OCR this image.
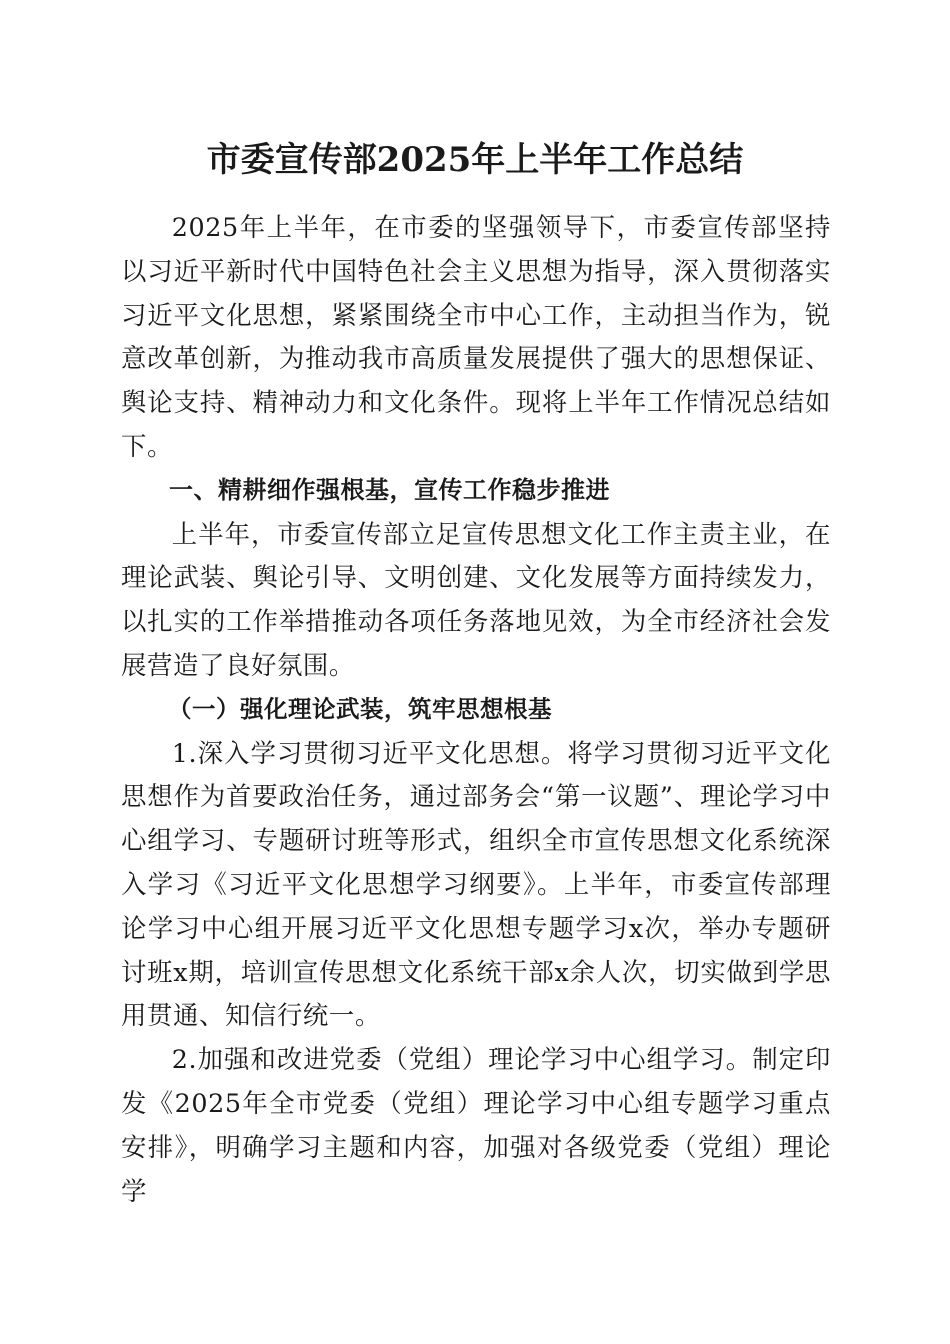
市委宣传部2025年上半年工作总结

2025年上半年，在市委的坚强领导下，市委宣传部坚持以习近平新时代中国特色社会主义思想为指导，深入贯彻落实习近平文化思想，紧紧围绕全市中心工作，主动担当作为，锐意改革创新，为推动我市高质量发展提供了强大的思想保证、舆论支持、精神动力和文化条件。现将上半年工作情况总结如下。

一、精耕细作强根基，宣传工作稳步推进

上半年，市委宣传部立足宣传思想文化工作主责主业，在理论武装、舆论引导、文明创建、文化发展等方面持续发力，以扎实的工作举措推动各项任务落地见效，为全市经济社会发展营造了良好氛围。

（一）强化理论武装，筑牢思想根基

1.深入学习贯彻习近平文化思想。将学习贯彻习近平文化思想作为首要政治任务，通过部务会“第一议题”、理论学习中心组学习、专题研讨班等形式，组织全市宣传思想文化系统深入学习《习近平文化思想学习纲要》。上半年，市委宣传部理论学习中心组开展习近平文化思想专题学习x次，举办专题研讨班x期，培训宣传思想文化系统干部x余人次，切实做到学思用贯通、知信行统一。

2.加强和改进党委（党组）理论学习中心组学习。制定印发《2025年全市党委（党组）理论学习中心组专题学习重点安排》，明确学习主题和内容，加强对各级党委（党组）理论学
